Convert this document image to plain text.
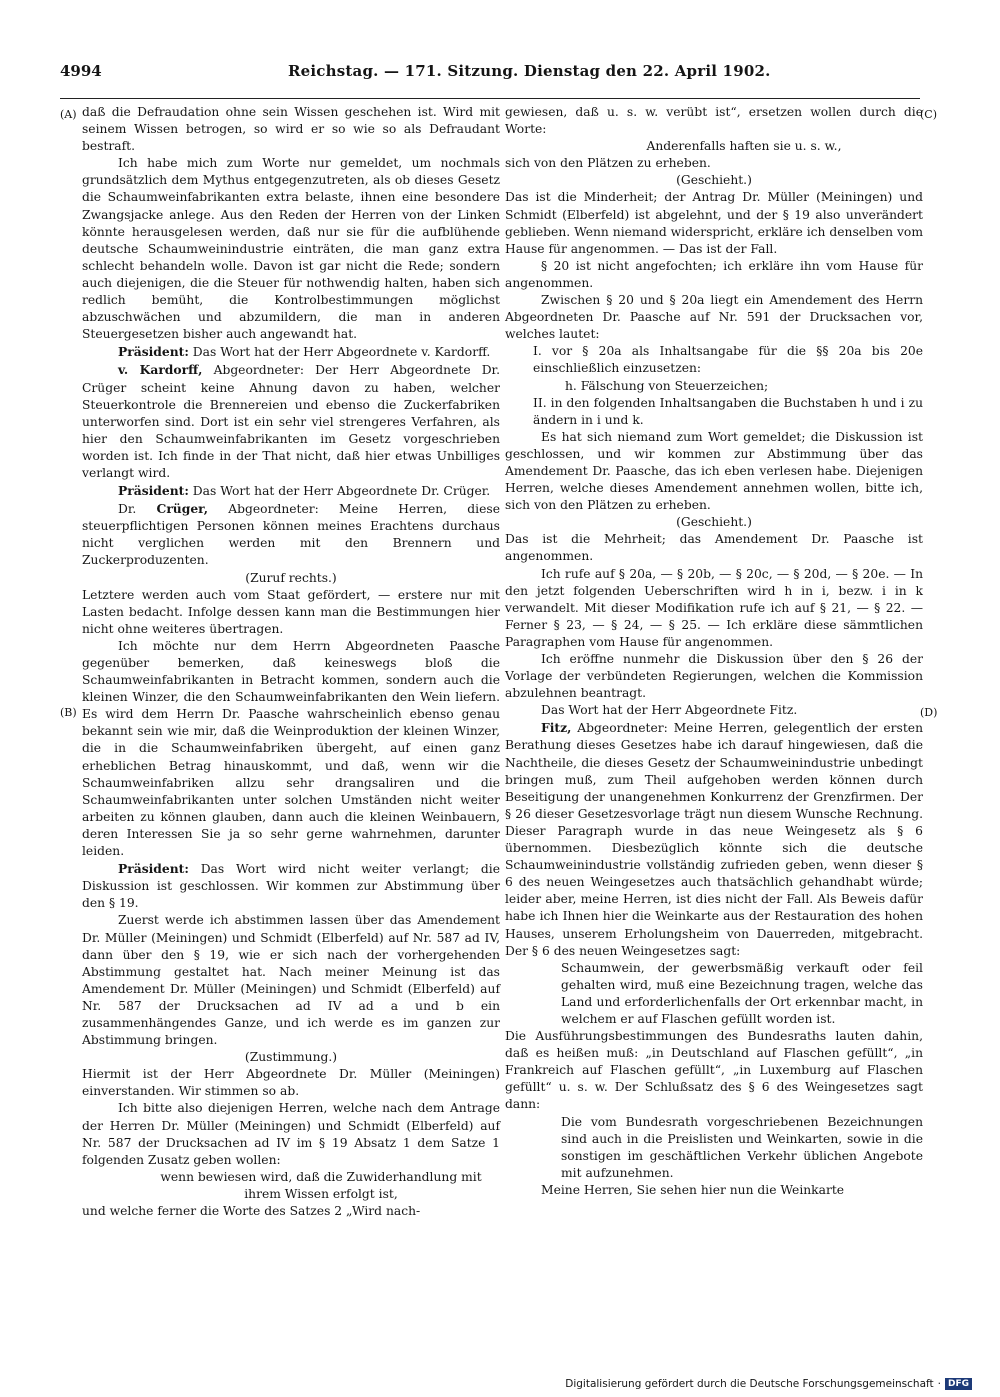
4994	Reichstag. — 171. Sitzung. Dienstag den 22. April 1902.
(A)
(B)
(C)
(D)

daß die Defraudation ohne sein Wissen geschehen ist. Wird mit seinem Wissen betrogen, so wird er so wie so als Defraudant bestraft.

Ich habe mich zum Worte nur gemeldet, um nochmals grundsätzlich dem Mythus entgegenzutreten, als ob dieses Gesetz die Schaumweinfabrikanten extra belaste, ihnen eine besondere Zwangsjacke anlege. Aus den Reden der Herren von der Linken könnte herausgelesen werden, daß nur sie für die aufblühende deutsche Schaumweinindustrie einträten, die man ganz extra schlecht behandeln wolle. Davon ist gar nicht die Rede; sondern auch diejenigen, die die Steuer für nothwendig halten, haben sich redlich bemüht, die Kontrolbestimmungen möglichst abzuschwächen und abzumildern, die man in anderen Steuergesetzen bisher auch angewandt hat.

Präsident: Das Wort hat der Herr Abgeordnete v. Kardorff.

v. Kardorff, Abgeordneter: Der Herr Abgeordnete Dr. Crüger scheint keine Ahnung davon zu haben, welcher Steuerkontrole die Brennereien und ebenso die Zuckerfabriken unterworfen sind. Dort ist ein sehr viel strengeres Verfahren, als hier den Schaumweinfabrikanten im Gesetz vorgeschrieben worden ist. Ich finde in der That nicht, daß hier etwas Unbilliges verlangt wird.

Präsident: Das Wort hat der Herr Abgeordnete Dr. Crüger.

Dr. Crüger, Abgeordneter: Meine Herren, diese steuerpflichtigen Personen können meines Erachtens durchaus nicht verglichen werden mit den Brennern und Zuckerproduzenten.

(Zuruf rechts.)

Letztere werden auch vom Staat gefördert, — erstere nur mit Lasten bedacht. Infolge dessen kann man die Bestimmungen hier nicht ohne weiteres übertragen.

Ich möchte nur dem Herrn Abgeordneten Paasche gegenüber bemerken, daß keineswegs bloß die Schaumweinfabrikanten in Betracht kommen, sondern auch die kleinen Winzer, die den Schaumweinfabrikanten den Wein liefern. Es wird dem Herrn Dr. Paasche wahrscheinlich ebenso genau bekannt sein wie mir, daß die Weinproduktion der kleinen Winzer, die in die Schaumweinfabriken übergeht, auf einen ganz erheblichen Betrag hinauskommt, und daß, wenn wir die Schaumweinfabriken allzu sehr drangsaliren und die Schaumweinfabrikanten unter solchen Umständen nicht weiter arbeiten zu können glauben, dann auch die kleinen Weinbauern, deren Interessen Sie ja so sehr gerne wahrnehmen, darunter leiden.

Präsident: Das Wort wird nicht weiter verlangt; die Diskussion ist geschlossen. Wir kommen zur Abstimmung über den § 19.

Zuerst werde ich abstimmen lassen über das Amendement Dr. Müller (Meiningen) und Schmidt (Elberfeld) auf Nr. 587 ad IV, dann über den § 19, wie er sich nach der vorhergehenden Abstimmung gestaltet hat. Nach meiner Meinung ist das Amendement Dr. Müller (Meiningen) und Schmidt (Elberfeld) auf Nr. 587 der Drucksachen ad IV ad a und b ein zusammenhängendes Ganze, und ich werde es im ganzen zur Abstimmung bringen.

(Zustimmung.)

Hiermit ist der Herr Abgeordnete Dr. Müller (Meiningen) einverstanden. Wir stimmen so ab.

Ich bitte also diejenigen Herren, welche nach dem Antrage der Herren Dr. Müller (Meiningen) und Schmidt (Elberfeld) auf Nr. 587 der Drucksachen ad IV im § 19 Absatz 1 dem Satze 1 folgenden Zusatz geben wollen:

wenn bewiesen wird, daß die Zuwiderhandlung mit ihrem Wissen erfolgt ist,

und welche ferner die Worte des Satzes 2 „Wird nach-

gewiesen, daß u. s. w. verübt ist“, ersetzen wollen durch die Worte:

Anderenfalls haften sie u. s. w.,

sich von den Plätzen zu erheben.

(Geschieht.)

Das ist die Minderheit; der Antrag Dr. Müller (Meiningen) und Schmidt (Elberfeld) ist abgelehnt, und der § 19 also unverändert geblieben. Wenn niemand widerspricht, erkläre ich denselben vom Hause für angenommen. — Das ist der Fall.

§ 20 ist nicht angefochten; ich erkläre ihn vom Hause für angenommen.

Zwischen § 20 und § 20a liegt ein Amendement des Herrn Abgeordneten Dr. Paasche auf Nr. 591 der Drucksachen vor, welches lautet:

I. vor § 20a als Inhaltsangabe für die §§ 20a bis 20e einschließlich einzusetzen:

h. Fälschung von Steuerzeichen;

II. in den folgenden Inhaltsangaben die Buchstaben h und i zu ändern in i und k.

Es hat sich niemand zum Wort gemeldet; die Diskussion ist geschlossen, und wir kommen zur Abstimmung über das Amendement Dr. Paasche, das ich eben verlesen habe. Diejenigen Herren, welche dieses Amendement annehmen wollen, bitte ich, sich von den Plätzen zu erheben.

(Geschieht.)

Das ist die Mehrheit; das Amendement Dr. Paasche ist angenommen.

Ich rufe auf § 20a, — § 20b, — § 20c, — § 20d, — § 20e. — In den jetzt folgenden Ueberschriften wird h in i, bezw. i in k verwandelt. Mit dieser Modifikation rufe ich auf § 21, — § 22. — Ferner § 23, — § 24, — § 25. — Ich erkläre diese sämmtlichen Paragraphen vom Hause für angenommen.

Ich eröffne nunmehr die Diskussion über den § 26 der Vorlage der verbündeten Regierungen, welchen die Kommission abzulehnen beantragt.

Das Wort hat der Herr Abgeordnete Fitz.

Fitz, Abgeordneter: Meine Herren, gelegentlich der ersten Berathung dieses Gesetzes habe ich darauf hingewiesen, daß die Nachtheile, die dieses Gesetz der Schaumweinindustrie unbedingt bringen muß, zum Theil aufgehoben werden können durch Beseitigung der unangenehmen Konkurrenz der Grenzfirmen. Der § 26 dieser Gesetzesvorlage trägt nun diesem Wunsche Rechnung. Dieser Paragraph wurde in das neue Weingesetz als § 6 übernommen. Diesbezüglich könnte sich die deutsche Schaumweinindustrie vollständig zufrieden geben, wenn dieser § 6 des neuen Weingesetzes auch thatsächlich gehandhabt würde; leider aber, meine Herren, ist dies nicht der Fall. Als Beweis dafür habe ich Ihnen hier die Weinkarte aus der Restauration des hohen Hauses, unserem Erholungsheim von Dauerreden, mitgebracht. Der § 6 des neuen Weingesetzes sagt:

Schaumwein, der gewerbsmäßig verkauft oder feil gehalten wird, muß eine Bezeichnung tragen, welche das Land und erforderlichenfalls der Ort erkennbar macht, in welchem er auf Flaschen gefüllt worden ist.

Die Ausführungsbestimmungen des Bundesraths lauten dahin, daß es heißen muß: „in Deutschland auf Flaschen gefüllt“, „in Frankreich auf Flaschen gefüllt“, „in Luxemburg auf Flaschen gefüllt“ u. s. w. Der Schlußsatz des § 6 des Weingesetzes sagt dann:

Die vom Bundesrath vorgeschriebenen Bezeichnungen sind auch in die Preislisten und Weinkarten, sowie in die sonstigen im geschäftlichen Verkehr üblichen Angebote mit aufzunehmen.

Meine Herren, Sie sehen hier nun die Weinkarte

Digitalisierung gefördert durch die Deutsche Forschungsgemeinschaft · DFG
